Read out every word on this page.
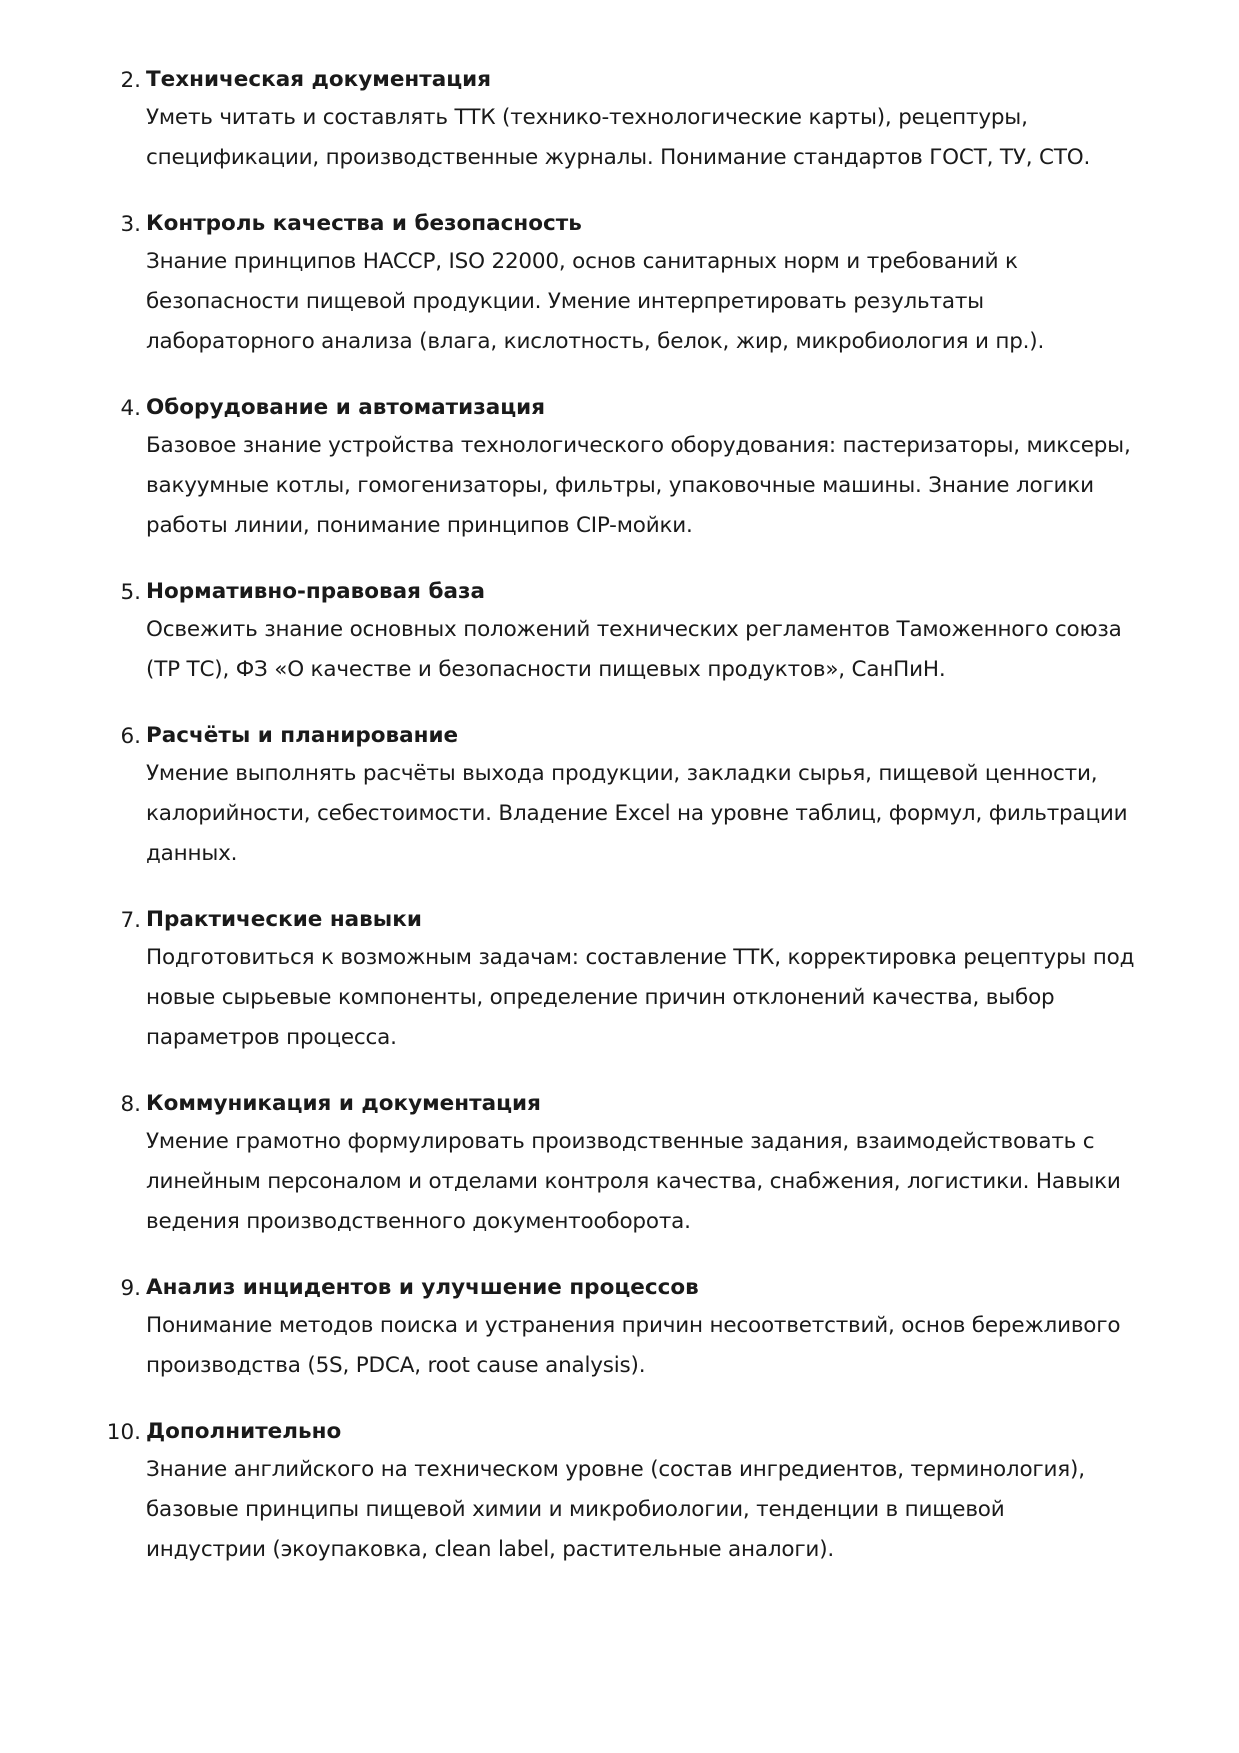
2. Техническая документация
Уметь читать и составлять ТТК (технико-технологические карты), рецептуры,
спецификации, производственные журналы. Понимание стандартов ГОСТ, ТУ, СТО.
3. Контроль качества и безопасность
Знание принципов HACCP, ISO 22000, основ санитарных норм и требований к
безопасности пищевой продукции. Умение интерпретировать результаты
лабораторного анализа (влага, кислотность, белок, жир, микробиология и пр.).
4. Оборудование и автоматизация
Базовое знание устройства технологического оборудования: пастеризаторы, миксеры,
вакуумные котлы, гомогенизаторы, фильтры, упаковочные машины. Знание логики
работы линии, понимание принципов CIP-мойки.
5. Нормативно-правовая база
Освежить знание основных положений технических регламентов Таможенного союза
(ТР ТС), ФЗ «О качестве и безопасности пищевых продуктов», СанПиН.
6. Расчёты и планирование
Умение выполнять расчёты выхода продукции, закладки сырья, пищевой ценности,
калорийности, себестоимости. Владение Excel на уровне таблиц, формул, фильтрации
данных.
7. Практические навыки
Подготовиться к возможным задачам: составление ТТК, корректировка рецептуры под
новые сырьевые компоненты, определение причин отклонений качества, выбор
параметров процесса.
8. Коммуникация и документация
Умение грамотно формулировать производственные задания, взаимодействовать с
линейным персоналом и отделами контроля качества, снабжения, логистики. Навыки
ведения производственного документооборота.
9. Анализ инцидентов и улучшение процессов
Понимание методов поиска и устранения причин несоответствий, основ бережливого
производства (5S, PDCA, root cause analysis).
10. Дополнительно
Знание английского на техническом уровне (состав ингредиентов, терминология),
базовые принципы пищевой химии и микробиологии, тенденции в пищевой
индустрии (экоупаковка, clean label, растительные аналоги).
